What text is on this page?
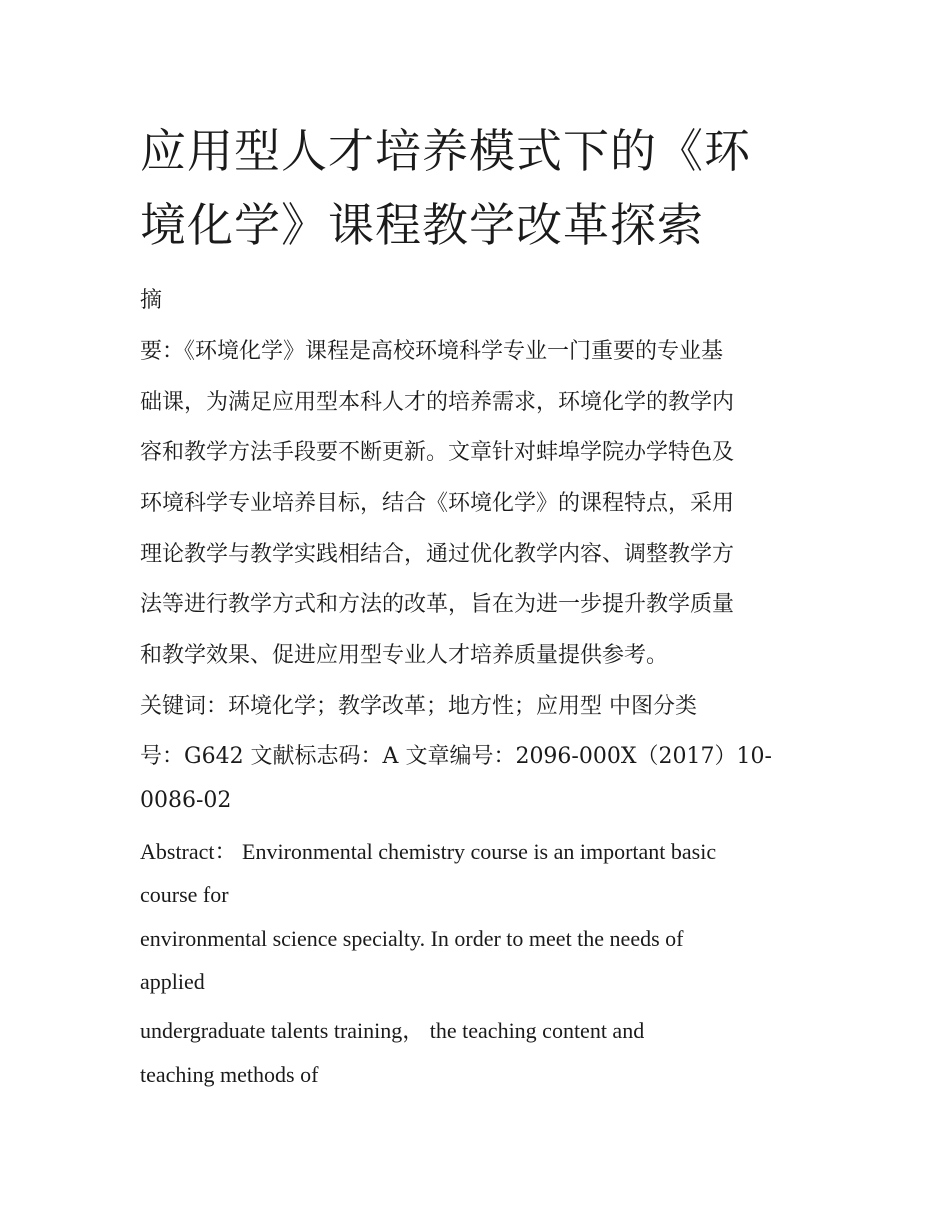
应用型人才培养模式下的《环
境化学》课程教学改革探索
摘
要：《环境化学》课程是高校环境科学专业一门重要的专业基
础课，为满足应用型本科人才的培养需求，环境化学的教学内
容和教学方法手段要不断更新。文章针对蚌埠学院办学特色及
环境科学专业培养目标，结合《环境化学》的课程特点，采用
理论教学与教学实践相结合，通过优化教学内容、调整教学方
法等进行教学方式和方法的改革，旨在为进一步提升教学质量
和教学效果、促进应用型专业人才培养质量提供参考。
关键词：环境化学；教学改革；地方性；应用型 中图分类
号：G642 文献标志码：A 文章编号：2096-000X（2017）10-
0086-02
Abstract： Environmental chemistry course is an important basic
course for
environmental science specialty. In order to meet the needs of
applied
undergraduate talents training， the teaching content and
teaching methods of
